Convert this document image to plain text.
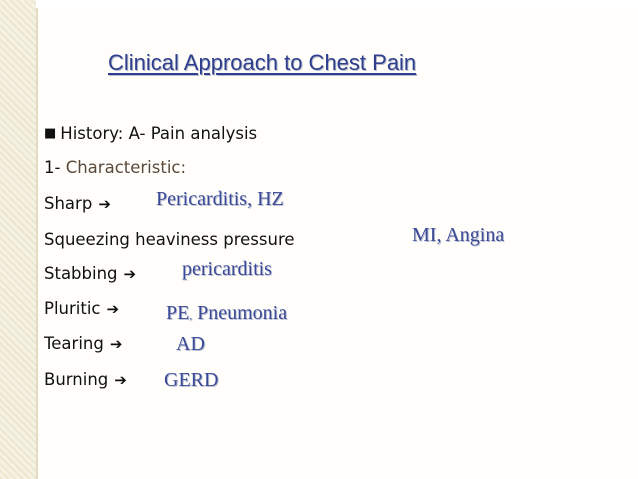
Clinical Approach to Chest Pain
■ History: A- Pain analysis
1- Characteristic:
Sharp ➔ Pericarditis, HZ
Squeezing heaviness pressure	MI, Angina
Stabbing ➔ pericarditis
Pluritic ➔ PE, Pneumonia
Tearing ➔	AD
Burning ➔ GERD
